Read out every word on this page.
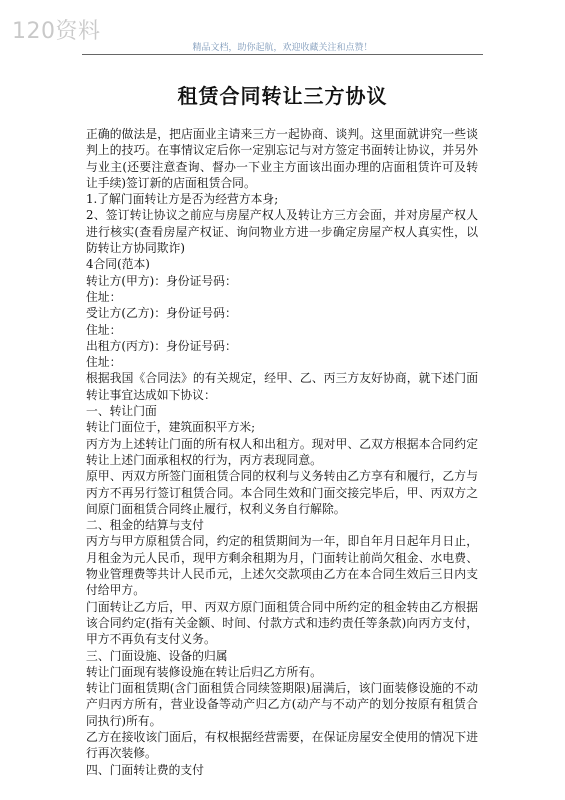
120资料
精品文档，助你起航，欢迎收藏关注和点赞！
租赁合同转让三方协议

正确的做法是，把店面业主请来三方一起协商、谈判。这里面就讲究一些谈判上的技巧。在事情议定后你一定别忘记与对方签定书面转让协议，并另外与业主(还要注意查询、督办一下业主方面该出面办理的店面租赁许可及转让手续)签订新的店面租赁合同。

1.了解门面转让方是否为经营方本身;

2、签订转让协议之前应与房屋产权人及转让方三方会面，并对房屋产权人进行核实(查看房屋产权证、询问物业方进一步确定房屋产权人真实性，以防转让方协同欺诈)

4合同(范本)

转让方(甲方)：身份证号码：

住址：

受让方(乙方)：身份证号码：

住址：

出租方(丙方)：身份证号码：

住址：

根据我国《合同法》的有关规定，经甲、乙、丙三方友好协商，就下述门面转让事宜达成如下协议：

一、转让门面

转让门面位于，建筑面积平方米;

丙方为上述转让门面的所有权人和出租方。现对甲、乙双方根据本合同约定转让上述门面承租权的行为，丙方表现同意。

原甲、丙双方所签门面租赁合同的权利与义务转由乙方享有和履行，乙方与丙方不再另行签订租赁合同。本合同生效和门面交接完毕后，甲、丙双方之间原门面租赁合同终止履行，权利义务自行解除。

二、租金的结算与支付

丙方与甲方原租赁合同，约定的租赁期间为一年，即自年月日起年月日止，月租金为元人民币，现甲方剩余租期为月，门面转让前尚欠租金、水电费、物业管理费等共计人民币元，上述欠交款项由乙方在本合同生效后三日内支付给甲方。

门面转让乙方后，甲、丙双方原门面租赁合同中所约定的租金转由乙方根据该合同约定(指有关金额、时间、付款方式和违约责任等条款)向丙方支付，甲方不再负有支付义务。

三、门面设施、设备的归属

转让门面现有装修设施在转让后归乙方所有。

转让门面租赁期(含门面租赁合同续签期限)届满后，该门面装修设施的不动产归丙方所有，营业设备等动产归乙方(动产与不动产的划分按原有租赁合同执行)所有。

乙方在接收该门面后，有权根据经营需要，在保证房屋安全使用的情况下进行再次装修。

四、门面转让费的支付
